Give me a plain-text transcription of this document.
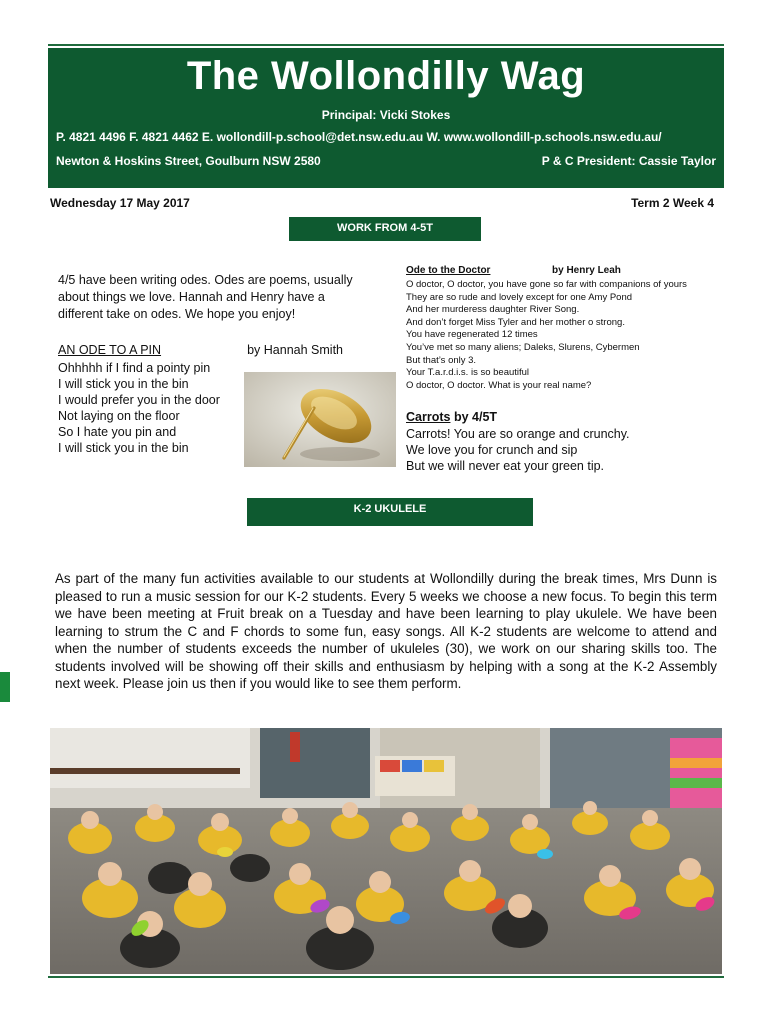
The Wollondilly Wag
Principal: Vicki Stokes
P. 4821 4496 F. 4821 4462 E. wollondill-p.school@det.nsw.edu.au W. www.wollondill-p.schools.nsw.edu.au/
Newton & Hoskins Street, Goulburn NSW 2580	P & C President: Cassie Taylor
Wednesday 17 May 2017	Term 2 Week 4
WORK FROM 4-5T
4/5 have been writing odes. Odes are poems, usually about things we love. Hannah and Henry have a different take on odes. We hope you enjoy!
AN ODE TO A PIN	by Hannah Smith
Ohhhhh if I find a pointy pin
I will stick you in the bin
I would prefer you in the door
Not laying on the floor
So I hate you pin and
I will stick you in the bin
Ode to the Doctor	by Henry Leah
O doctor, O doctor, you have gone so far with companions of yours
They are so rude and lovely except for one Amy Pond
And her murderess daughter River Song.
And don’t forget Miss Tyler and her mother o strong.
You have regenerated 12 times
You’ve met so many aliens; Daleks, Slurens, Cybermen
But that’s only 3.
Your T.a.r.d.i.s. is so beautiful
O doctor, O doctor. What is your real name?
Carrots by 4/5T
Carrots! You are so orange and crunchy.
We love you for crunch and sip
But we will never eat your green tip.
K-2 UKULELE
As part of the many fun activities available to our students at Wollondilly during the break times, Mrs Dunn is pleased to run a music session for our K-2 students. Every 5 weeks we choose a new focus. To begin this term we have been meeting at Fruit break on a Tuesday and have been learning to play ukulele. We have been learning to strum the C and F chords to some fun, easy songs. All K-2 students are welcome to attend and when the number of students exceeds the number of ukuleles (30), we work on our sharing skills too. The students involved will be showing off their skills and enthusiasm by helping with a song at the K-2 Assembly next week. Please join us then if you would like to see them perform.
